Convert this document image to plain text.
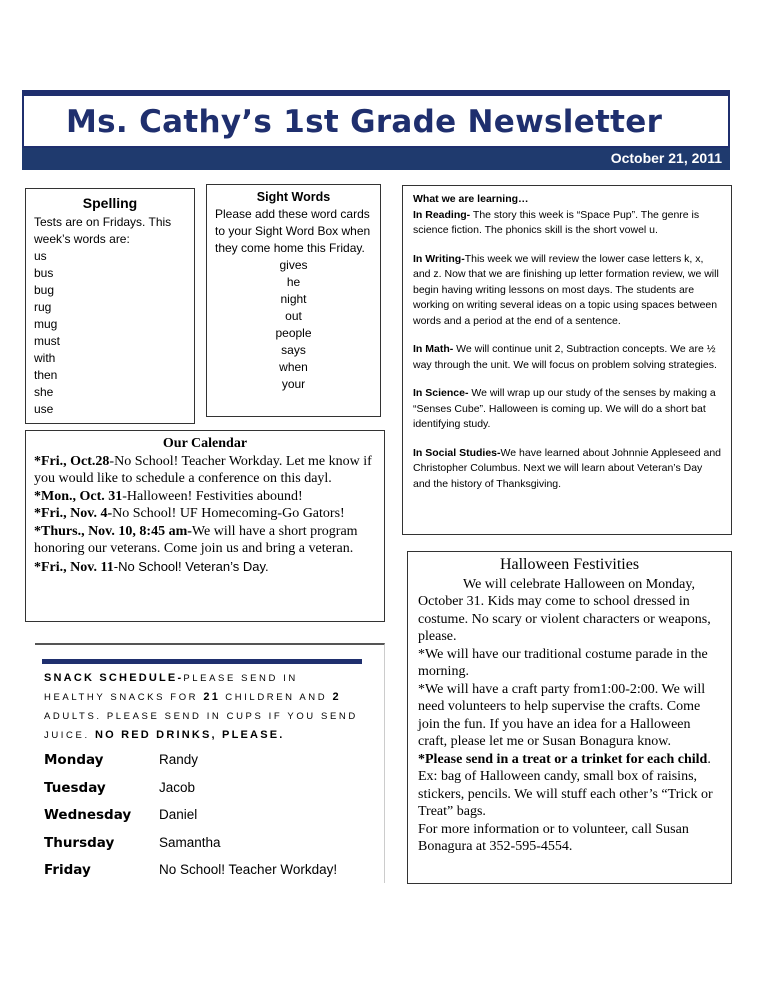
Ms. Cathy’s 1st Grade Newsletter
October 21, 2011
Spelling
Tests are on Fridays. This week’s words are:
us
bus
bug
rug
mug
must
with
then
she
use
Sight Words
Please add these word cards to your Sight Word Box when they come home this Friday.
gives
he
night
out
people
says
when
your

What we are learning…

In Reading- The story this week is “Space Pup”. The genre is science fiction. The phonics skill is the short vowel u.

In Writing-This week we will review the lower case letters k, x, and z. Now that we are finishing up letter formation review, we will begin having writing lessons on most days. The students are working on writing several ideas on a topic using spaces between words and a period at the end of a sentence.

In Math- We will continue unit 2, Subtraction concepts. We are ½ way through the unit. We will focus on problem solving strategies.

In Science- We will wrap up our study of the senses by making a “Senses Cube”. Halloween is coming up. We will do a short bat identifying study.

In Social Studies-We have learned about Johnnie Appleseed and Christopher Columbus. Next we will learn about Veteran’s Day and the history of Thanksgiving.

Our Calendar

*Fri., Oct.28-No School! Teacher Workday. Let me know if you would like to schedule a conference on this dayl.

*Mon., Oct. 31-Halloween! Festivities abound!

*Fri., Nov. 4-No School! UF Homecoming-Go Gators!

*Thurs., Nov. 10, 8:45 am-We will have a short program honoring our veterans. Come join us and bring a veteran.

*Fri., Nov. 11-No School! Veteran’s Day.

SNACK SCHEDULE-PLEASE SEND IN HEALTHY SNACKS FOR 21 CHILDREN AND 2 ADULTS. PLEASE SEND IN CUPS IF YOU SEND JUICE. NO RED DRINKS, PLEASE.
Monday	Randy
Tuesday	Jacob
Wednesday	Daniel
Thursday	Samantha
Friday	No School! Teacher Workday!
Halloween Festivities

We will celebrate Halloween on Monday, October 31. Kids may come to school dressed in costume. No scary or violent characters or weapons, please.

*We will have our traditional costume parade in the morning.

*We will have a craft party from1:00-2:00. We will need volunteers to help supervise the crafts. Come join the fun. If you have an idea for a Halloween craft, please let me or Susan Bonagura know.

*Please send in a treat or a trinket for each child. Ex: bag of Halloween candy, small box of raisins, stickers, pencils. We will stuff each other’s “Trick or Treat” bags.

For more information or to volunteer, call Susan Bonagura at 352-595-4554.
